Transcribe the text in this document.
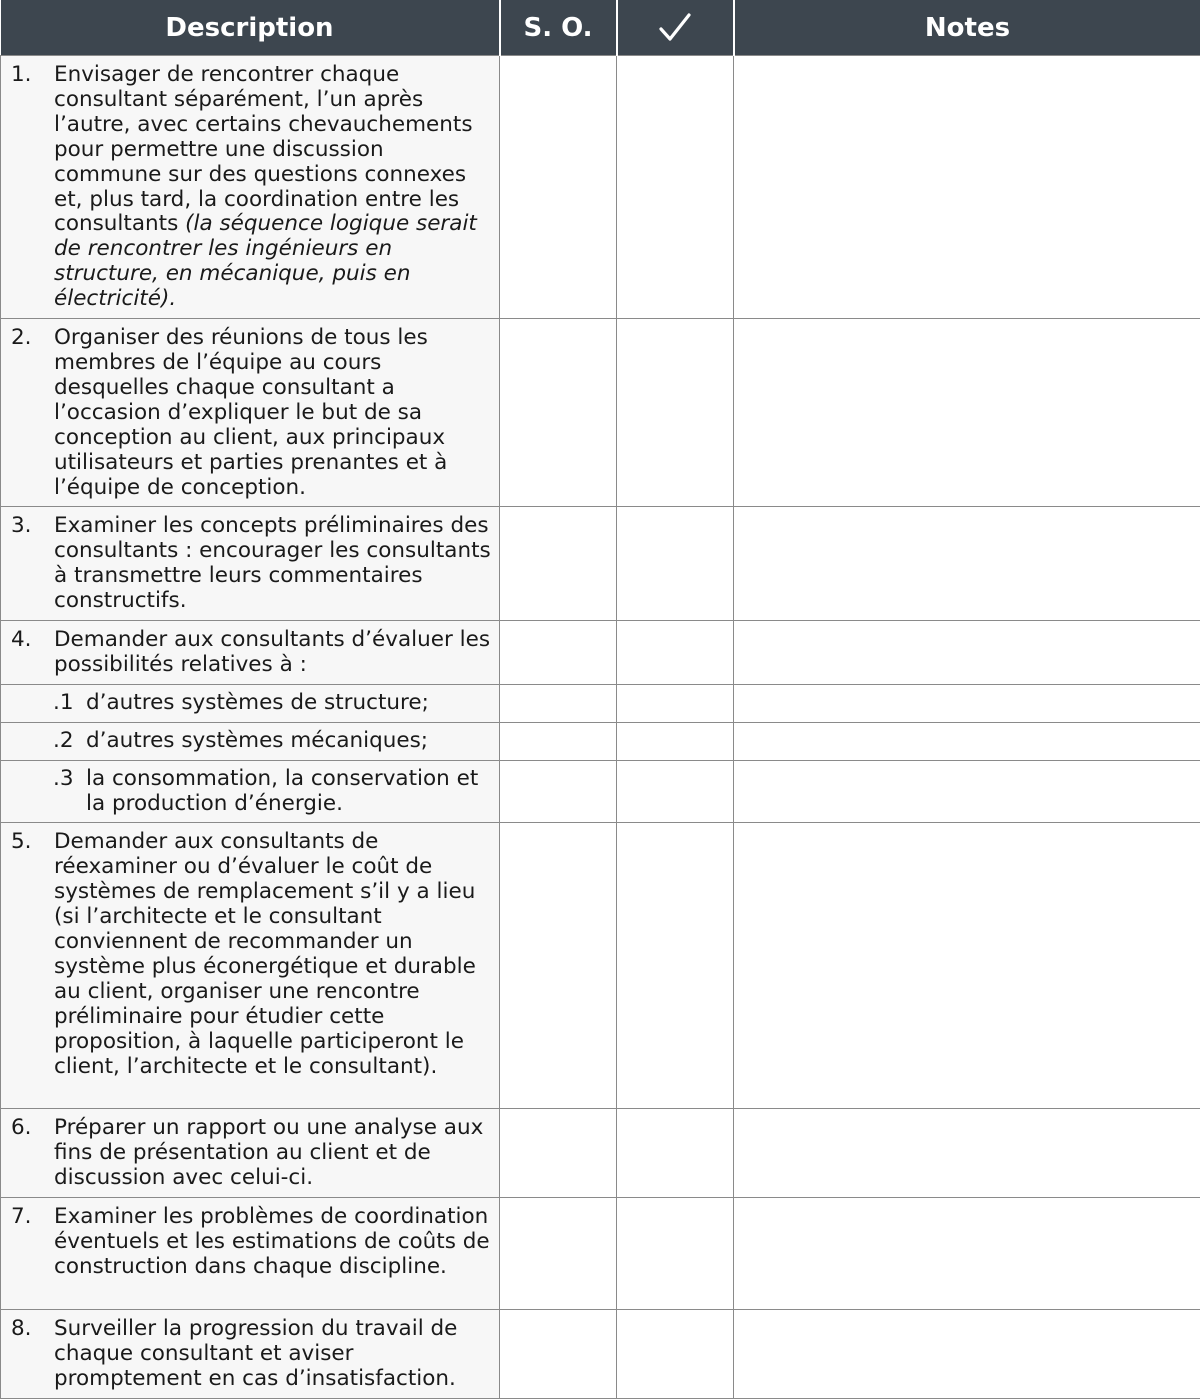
Description	S. O.		Notes

1. Envisager de rencontrer chaque consultant séparément, l’un après l’autre, avec certains chevauchements pour permettre une discussion commune sur des questions connexes et, plus tard, la coordination entre les consultants (la séquence logique serait de rencontrer les ingénieurs en structure, en mécanique, puis en électricité).			

2. Organiser des réunions de tous les membres de l’équipe au cours desquelles chaque consultant a l’occasion d’expliquer le but de sa conception au client, aux principaux utilisateurs et parties prenantes et à l’équipe de conception.			

3. Examiner les concepts préliminaires des consultants : encourager les consultants à transmettre leurs commentaires constructifs.			

4. Demander aux consultants d’évaluer les possibilités relatives à :			

.1 d’autres systèmes de structure;			

.2 d’autres systèmes mécaniques;			

.3 la consommation, la conservation et la production d’énergie.			

5. Demander aux consultants de réexaminer ou d’évaluer le coût de systèmes de remplacement s’il y a lieu (si l’architecte et le consultant conviennent de recommander un système plus éconergétique et durable au client, organiser une rencontre préliminaire pour étudier cette proposition, à laquelle participeront le client, l’architecte et le consultant).			

6. Préparer un rapport ou une analyse aux fins de présentation au client et de discussion avec celui-ci.			

7. Examiner les problèmes de coordination éventuels et les estimations de coûts de construction dans chaque discipline.			

8. Surveiller la progression du travail de chaque consultant et aviser promptement en cas d’insatisfaction.			
